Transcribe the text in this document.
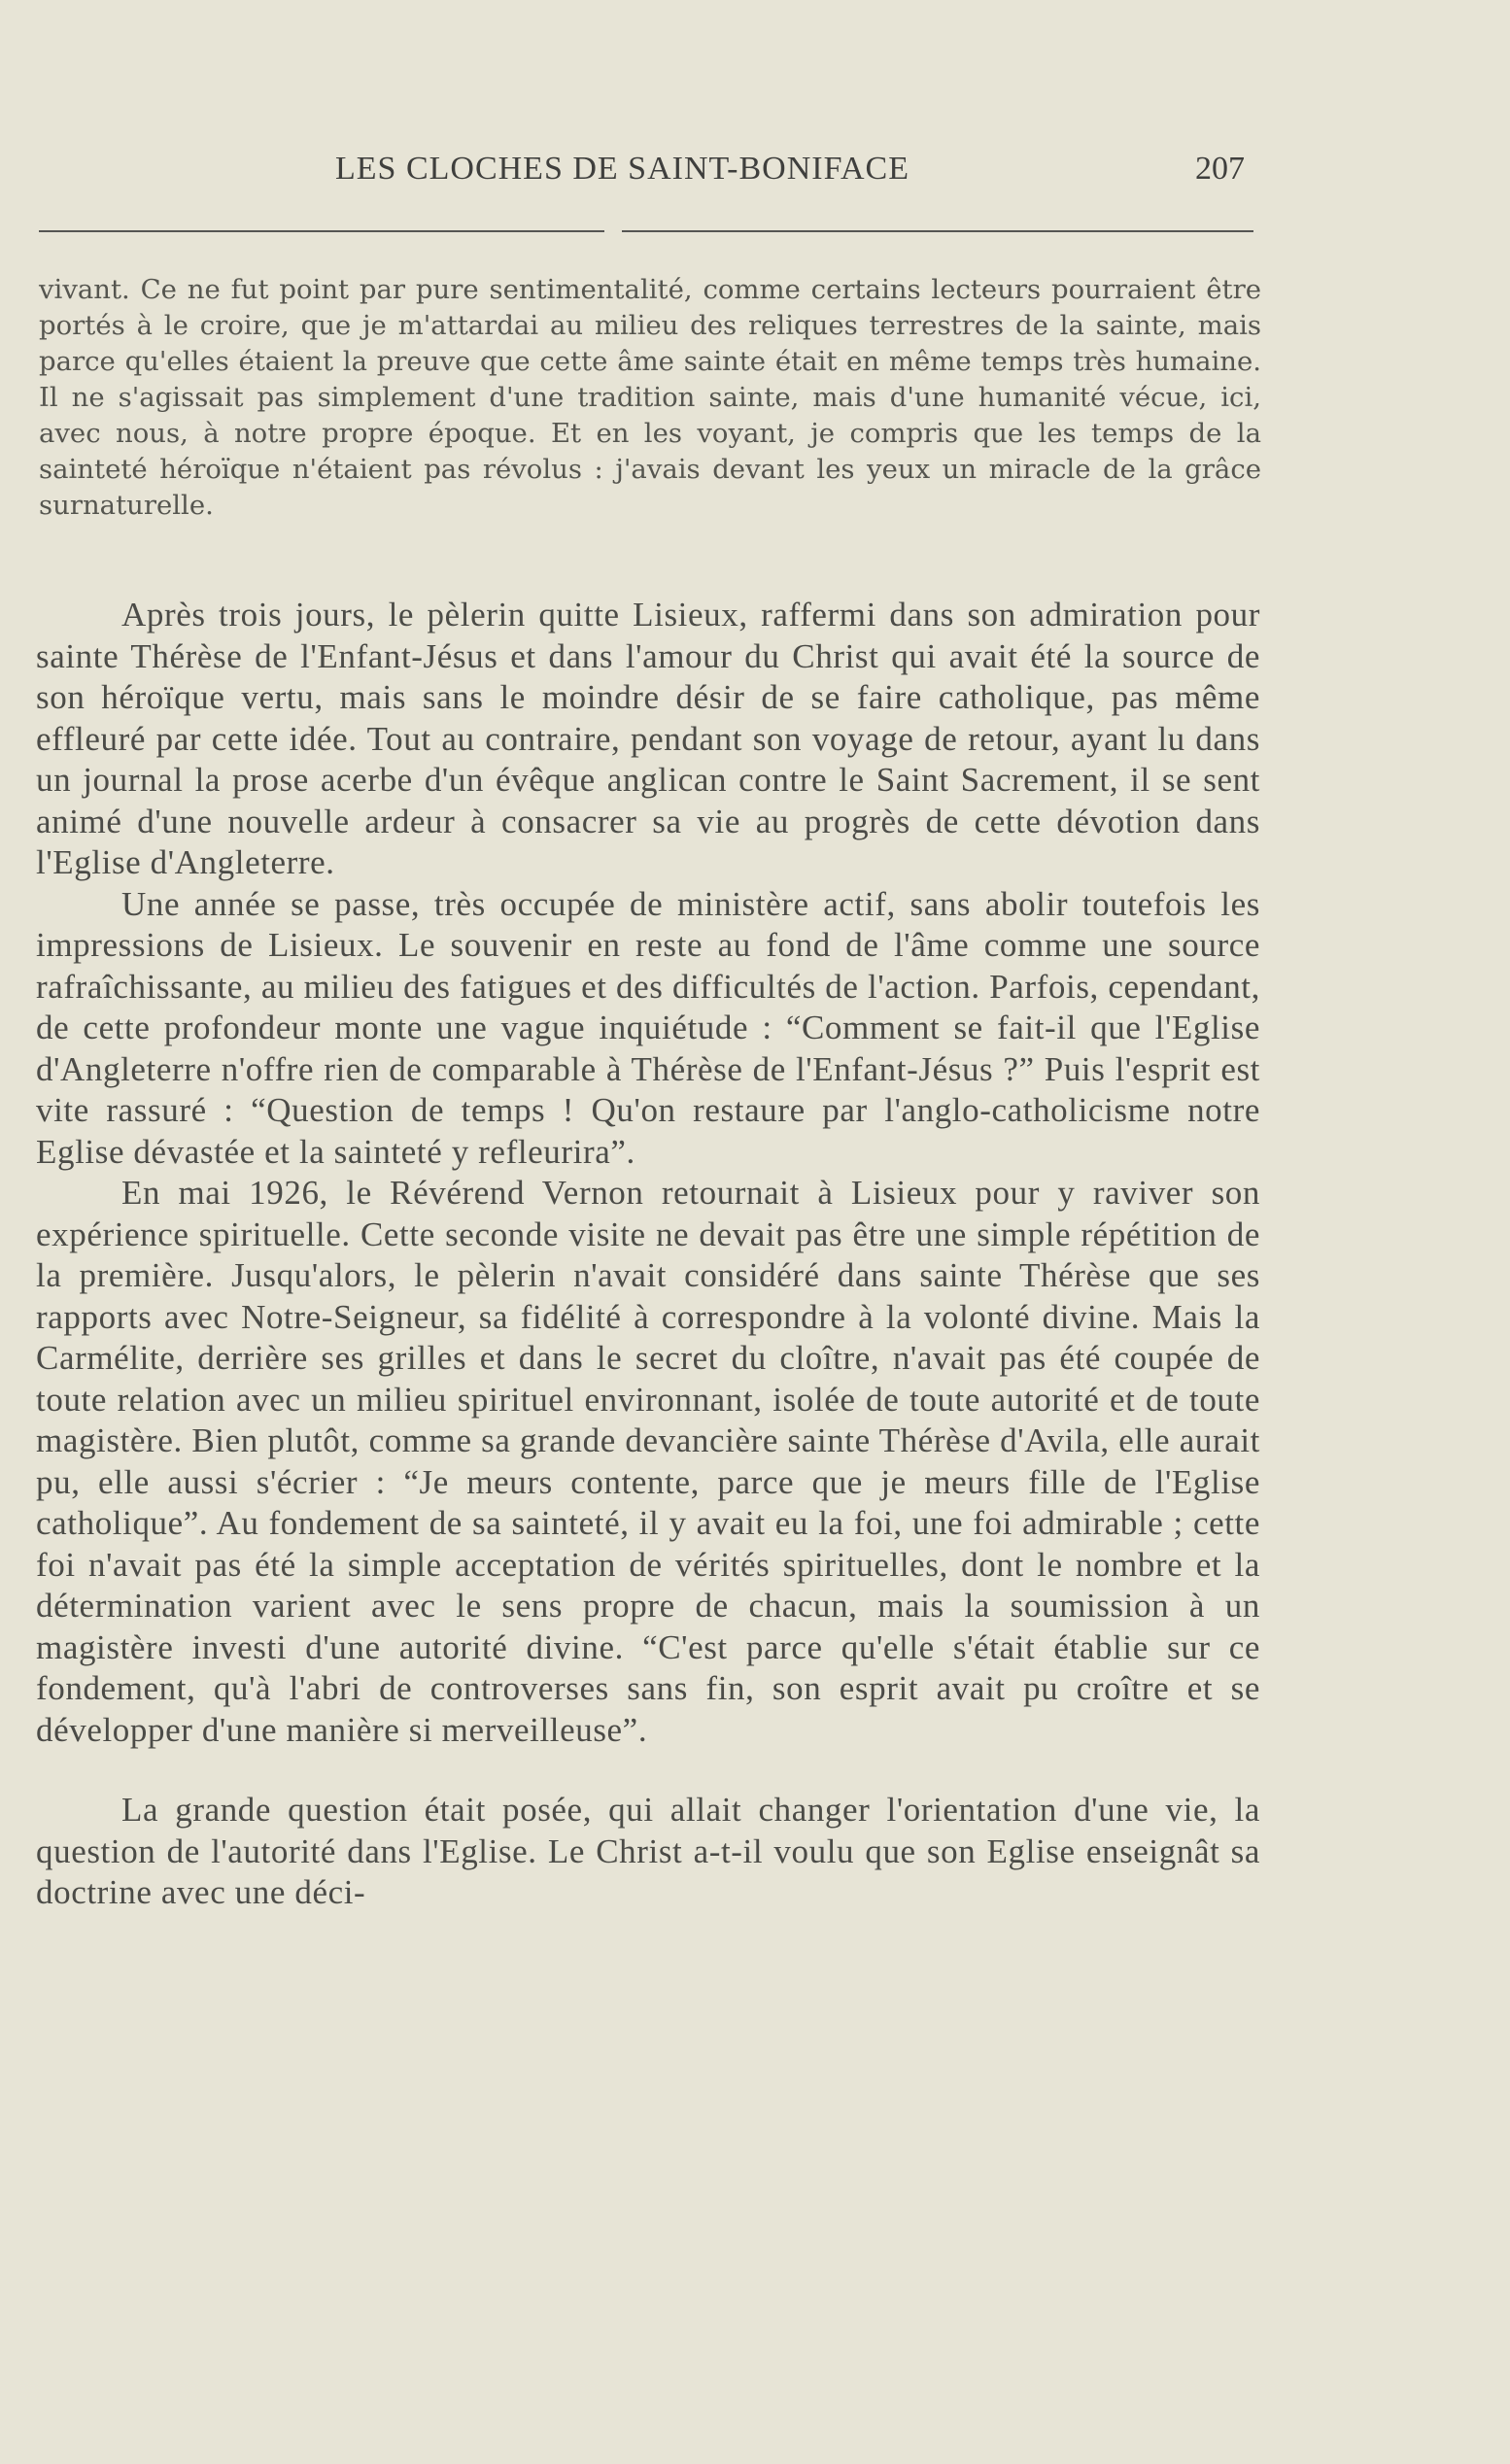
LES CLOCHES DE SAINT-BONIFACE	207
vivant. Ce ne fut point par pure sentimentalité, comme certains lecteurs pourraient être portés à le croire, que je m'attardai au milieu des reliques terrestres de la sainte, mais parce qu'elles étaient la preuve que cette âme sainte était en même temps très humaine. Il ne s'agissait pas simplement d'une tradition sainte, mais d'une humanité vécue, ici, avec nous, à notre propre époque. Et en les voyant, je compris que les temps de la sainteté héroïque n'étaient pas révolus : j'avais devant les yeux un miracle de la grâce surnaturelle.

Après trois jours, le pèlerin quitte Lisieux, raffermi dans son admiration pour sainte Thérèse de l'Enfant-Jésus et dans l'amour du Christ qui avait été la source de son héroïque vertu, mais sans le moindre désir de se faire catholique, pas même effleuré par cette idée. Tout au contraire, pendant son voyage de retour, ayant lu dans un journal la prose acerbe d'un évêque anglican contre le Saint Sacrement, il se sent animé d'une nouvelle ardeur à consacrer sa vie au progrès de cette dévotion dans l'Eglise d'Angleterre.

Une année se passe, très occupée de ministère actif, sans abolir toutefois les impressions de Lisieux. Le souvenir en reste au fond de l'âme comme une source rafraîchissante, au milieu des fatigues et des difficultés de l'action. Parfois, cependant, de cette profondeur monte une vague inquiétude : “Comment se fait-il que l'Eglise d'Angleterre n'offre rien de comparable à Thérèse de l'Enfant-Jésus ?” Puis l'esprit est vite rassuré : “Question de temps ! Qu'on restaure par l'anglo-catholicisme notre Eglise dévastée et la sainteté y refleurira”.

En mai 1926, le Révérend Vernon retournait à Lisieux pour y raviver son expérience spirituelle. Cette seconde visite ne devait pas être une simple répétition de la première. Jusqu'alors, le pèlerin n'avait considéré dans sainte Thérèse que ses rapports avec Notre-Seigneur, sa fidélité à correspondre à la volonté divine. Mais la Carmélite, derrière ses grilles et dans le secret du cloître, n'avait pas été coupée de toute relation avec un milieu spirituel environnant, isolée de toute autorité et de toute magistère. Bien plutôt, comme sa grande devancière sainte Thérèse d'Avila, elle aurait pu, elle aussi s'écrier : “Je meurs contente, parce que je meurs fille de l'Eglise catholique”. Au fondement de sa sainteté, il y avait eu la foi, une foi admirable ; cette foi n'avait pas été la simple acceptation de vérités spirituelles, dont le nombre et la détermination varient avec le sens propre de chacun, mais la soumission à un magistère investi d'une autorité divine. “C'est parce qu'elle s'était établie sur ce fondement, qu'à l'abri de controverses sans fin, son esprit avait pu croître et se développer d'une manière si merveilleuse”.

La grande question était posée, qui allait changer l'orientation d'une vie, la question de l'autorité dans l'Eglise. Le Christ a-t-il voulu que son Eglise enseignât sa doctrine avec une déci-
